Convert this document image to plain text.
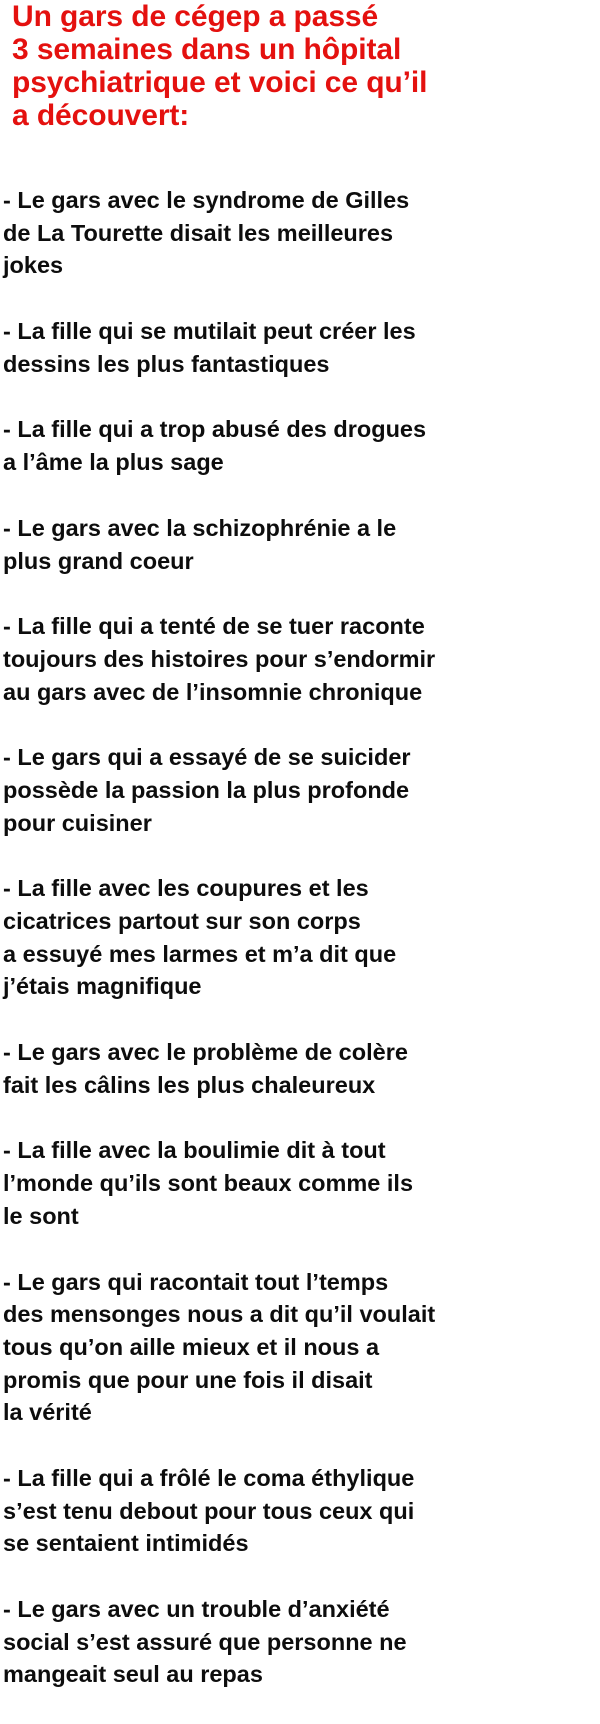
Un gars de cégep a passé
3 semaines dans un hôpital
psychiatrique et voici ce qu’il
a découvert:
- Le gars avec le syndrome de Gilles
de La Tourette disait les meilleures
jokes
- La fille qui se mutilait peut créer les
dessins les plus fantastiques
- La fille qui a trop abusé des drogues
a l’âme la plus sage
- Le gars avec la schizophrénie a le
plus grand coeur
- La fille qui a tenté de se tuer raconte
toujours des histoires pour s’endormir
au gars avec de l’insomnie chronique
- Le gars qui a essayé de se suicider
possède la passion la plus profonde
pour cuisiner
- La fille avec les coupures et les
cicatrices partout sur son corps
a essuyé mes larmes et m’a dit que
j’étais magnifique
- Le gars avec le problème de colère
fait les câlins les plus chaleureux
- La fille avec la boulimie dit à tout
l’monde qu’ils sont beaux comme ils
le sont
- Le gars qui racontait tout l’temps
des mensonges nous a dit qu’il voulait
tous qu’on aille mieux et il nous a
promis que pour une fois il disait
la vérité
- La fille qui a frôlé le coma éthylique
s’est tenu debout pour tous ceux qui
se sentaient intimidés
- Le gars avec un trouble d’anxiété
social s’est assuré que personne ne
mangeait seul au repas
